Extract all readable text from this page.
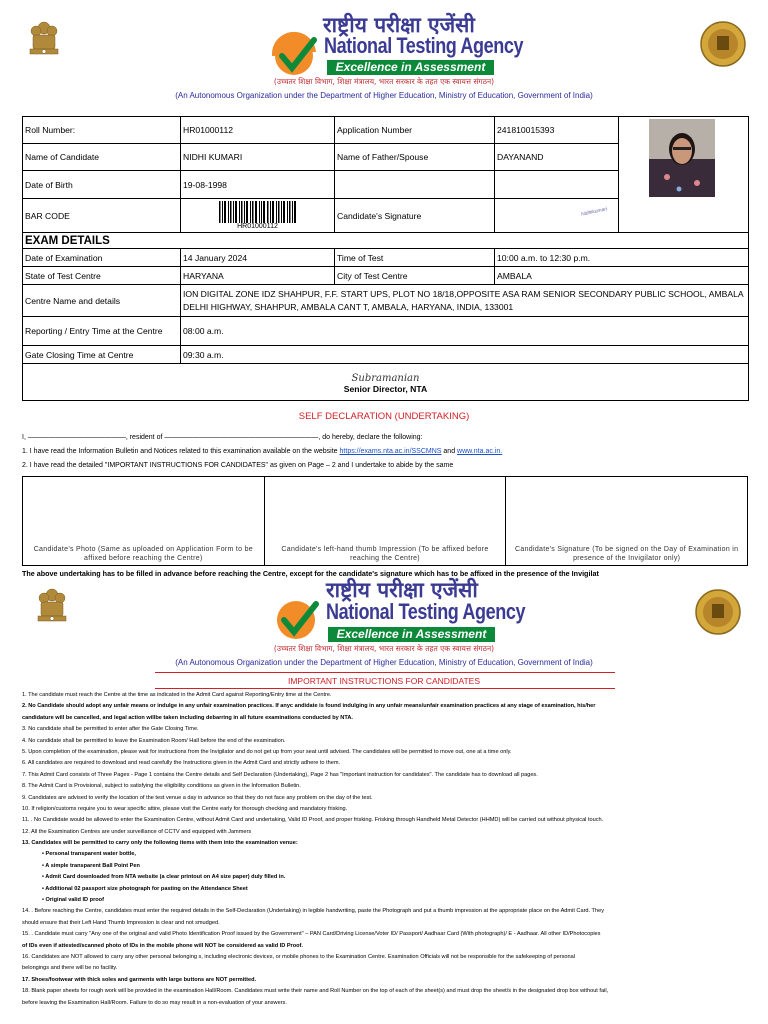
राष्ट्रीय परीक्षा एजेंसी
National Testing Agency
Excellence in Assessment
(उच्चतर शिक्षा विभाग, शिक्षा मंत्रालय, भारत सरकार के तहत एक स्वायत्त संगठन)
(An Autonomous Organization under the Department of Higher Education, Ministry of Education, Government of India)
Roll Number:	HR01000112	Application Number	241810015393	

Name of Candidate	NIDHI KUMARI	Name of Father/Spouse	DAYANAND	
Date of Birth	19-08-1998			
BAR CODE	HR01000112	Candidate's Signature	Nidhikumari	

EXAM DETAILS				
Date of Examination	14 January 2024	Time of Test	10:00 a.m. to 12:30 p.m.	
State of Test Centre	HARYANA	City of Test Centre	AMBALA	
Centre Name and details	ION DIGITAL ZONE IDZ SHAHPUR, F.F. START UPS, PLOT NO 18/18,OPPOSITE ASA RAM SENIOR SECONDARY PUBLIC SCHOOL, AMBALA DELHI HIGHWAY, SHAHPUR, AMBALA CANT T, AMBALA, HARYANA, INDIA, 133001			
Reporting / Entry Time at the Centre	08:00 a.m.			
Gate Closing Time at Centre	09:30 a.m.			

Subramanian
Senior Director, NTA				
SELF DECLARATION (UNDERTAKING)
I, ——————————————, resident of ——————————————————————, do hereby, declare the following:
1. I have read the Information Bulletin and Notices related to this examination available on the website https://exams.nta.ac.in/SSCMNS and www.nta.ac.in.
2. I have read the detailed "IMPORTANT INSTRUCTIONS FOR CANDIDATES" as given on Page – 2 and I undertake to abide by the same
Candidate's Photo (Same as uploaded on Application Form to be affixed before reaching the Centre)
Candidate's left-hand thumb Impression (To be affixed before reaching the Centre)
Candidate's Signature (To be signed on the Day of Examination in presence of the Invigilator only)
The above undertaking has to be filled in advance before reaching the Centre, except for the candidate's signature which has to be affixed in the presence of the Invigilat
राष्ट्रीय परीक्षा एजेंसी
National Testing Agency
Excellence in Assessment
(उच्चतर शिक्षा विभाग, शिक्षा मंत्रालय, भारत सरकार के तहत एक स्वायत्त संगठन)
(An Autonomous Organization under the Department of Higher Education, Ministry of Education, Government of India)
IMPORTANT INSTRUCTIONS FOR CANDIDATES
1. The candidate must reach the Centre at the time as indicated in the Admit Card against Reporting/Entry time at the Centre.
2. No Candidate should adopt any unfair means or indulge in any unfair examination practices. If anyc andidate is found indulging in any unfair means/unfair examination practices at any stage of examination, his/her
candidature will be cancelled, and legal action willbe taken including debarring in all future examinations conducted by NTA.
3. No candidate shall be permitted to enter after the Gate Closing Time.
4. No candidate shall be permitted to leave the Examination Room/ Hall before the end of the examination.
5. Upon completion of the examination, please wait for instructions from the Invigilator and do not get up from your seat until advised. The candidates will be permitted to move out, one at a time only.
6. All candidates are required to download and read carefully the Instructions given in the Admit Card and strictly adhere to them.
7. This Admit Card consists of Three Pages - Page 1 contains the Centre details and Self Declaration (Undertaking), Page 2 has "Important instruction for candidates". The candidate has to download all pages.
8. The Admit Card is Provisional, subject to satisfying the eligibility conditions as given in the Information Bulletin.
9. Candidates are advised to verify the location of the test venue a day in advance so that they do not face any problem on the day of the test.
10. If religion/customs require you to wear specific attire, please visit the Centre early for thorough checking and mandatory frisking.
11. . No Candidate would be allowed to enter the Examination Centre, without Admit Card and undertaking, Valid ID Proof, and proper frisking. Frisking through Handheld Metal Detector (HHMD) will be carried out without physical touch.
12. All the Examination Centres are under surveillance of CCTV and equipped with Jammers
13. Candidates will be permitted to carry only the following items with them into the examination venue:
• Personal transparent water bottle,
• A simple transparent Ball Point Pen
• Admit Card downloaded from NTA website (a clear printout on A4 size paper) duly filled in.
• Additional 02 passport size photograph for pasting on the Attendance Sheet
• Original valid ID proof
14. . Before reaching the Centre, candidates must enter the required details in the Self-Declaration (Undertaking) in legible handwriting, paste the Photograph and put a thumb impression at the appropriate place on the Admit Card. They
should ensure that their Left Hand Thumb Impression is clear and not smudged.
15. . Candidate must carry "Any one of the original and valid Photo Identification Proof issued by the Government" – PAN Card/Driving License/Voter ID/ Passport/ Aadhaar Card (With photograph)/ E - Aadhaar. All other ID/Photocopies
of IDs even if attested/scanned photo of IDs in the mobile phone will NOT be considered as valid ID Proof.
16. Candidates are NOT allowed to carry any other personal belonging s, including electronic devices, or mobile phones to the Examination Centre. Examination Officials will not be responsible for the safekeeping of personal
belongings and there will be no facility.
17. Shoes/footwear with thick soles and garments with large buttons are NOT permitted.
18. Blank paper sheets for rough work will be provided in the examination Hall/Room. Candidates must write their name and Roll Number on the top of each of the sheet(s) and must drop the sheet/s in the designated drop box without fail,
before leaving the Examination Hall/Room. Failure to do so may result in a non-evaluation of your answers.
